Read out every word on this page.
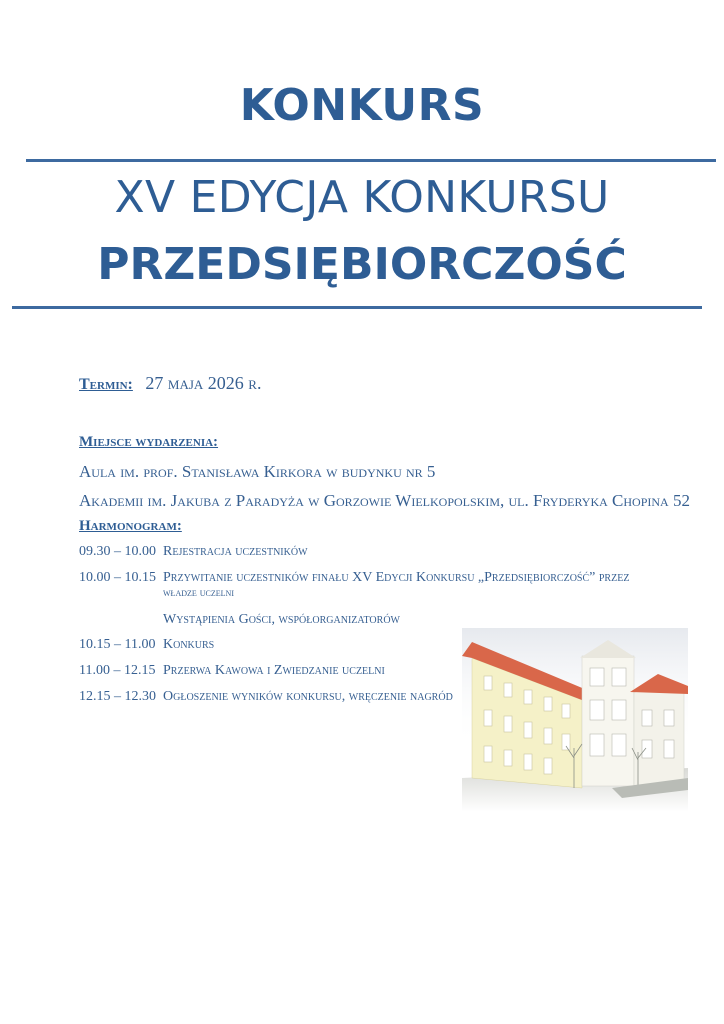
KONKURS
XV EDYCJA KONKURSU
PRZEDSIĘBIORCZOŚĆ
Termin: 27 maja 2026 r.
Miejsce wydarzenia:
Aula im. prof. Stanisława Kirkora w budynku nr 5
Akademii im. Jakuba z Paradyża w Gorzowie Wielkopolskim, ul. Fryderyka Chopina 52
Harmonogram:
09.30 – 10.00 Rejestracja uczestników
10.00 – 10.15 Przywitanie uczestników finału XV Edycji Konkursu „Przedsiębiorczość” przez
władze uczelni
Wystąpienia Gości, współorganizatorów
10.15 – 11.00 Konkurs
11.00 – 12.15 Przerwa Kawowa i Zwiedzanie uczelni
12.15 – 12.30 Ogłoszenie wyników konkursu, wręczenie nagród
